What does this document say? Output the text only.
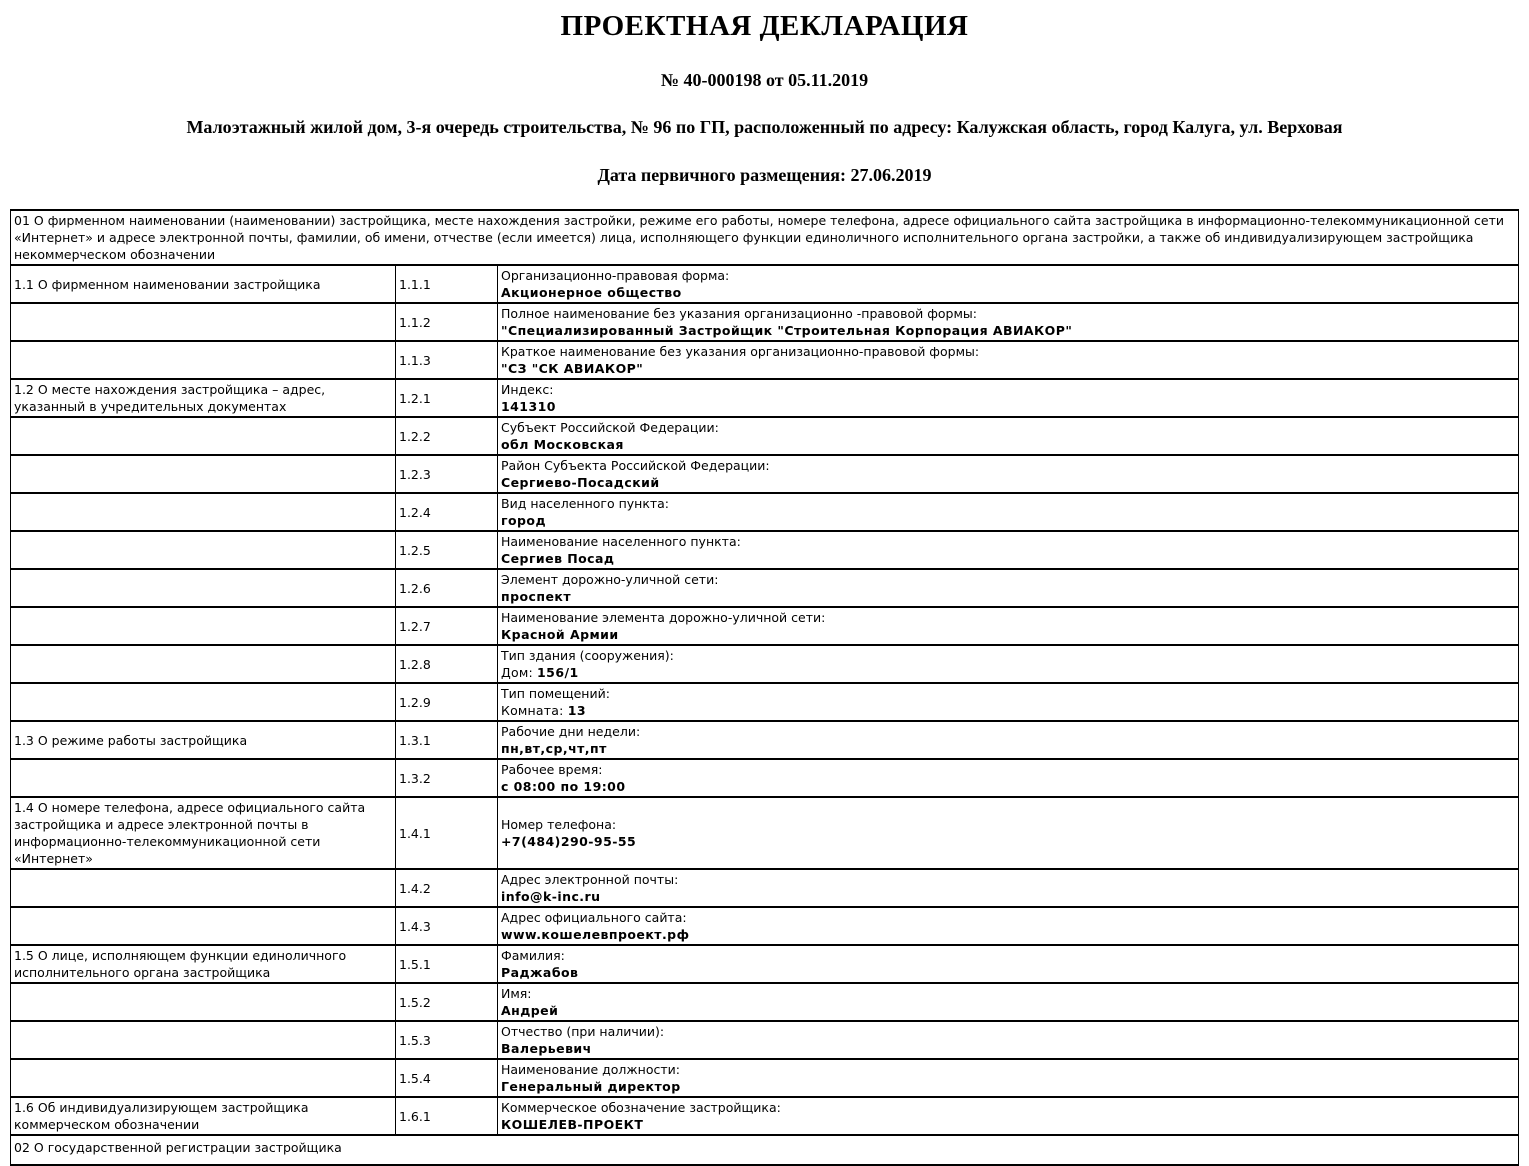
ПРОЕКТНАЯ ДЕКЛАРАЦИЯ
№ 40-000198 от 05.11.2019
Малоэтажный жилой дом, 3-я очередь строительства, № 96 по ГП, расположенный по адресу: Калужская область, город Калуга, ул. Верховая
Дата первичного размещения: 27.06.2019
01 О фирменном наименовании (наименовании) застройщика, месте нахождения застройки, режиме его работы, номере телефона, адресе официального сайта застройщика в информационно-телекоммуникационной сети «Интернет» и адресе электронной почты, фамилии, об имени, отчестве (если имеется) лица, исполняющего функции единоличного исполнительного органа застройки, а также об индивидуализирующем застройщика некоммерческом обозначении		
1.1 О фирменном наименовании застройщика	1.1.1	Организационно-правовая форма:
Акционерное общество

	1.1.2	Полное наименование без указания организационно -правовой формы:
"Специализированный Застройщик "Строительная Корпорация АВИАКОР"

	1.1.3	Краткое наименование без указания организационно-правовой формы:
"СЗ "СК АВИАКОР"

1.2 О месте нахождения застройщика – адрес, указанный в учредительных документах	1.2.1	Индекс:
141310

	1.2.2	Субъект Российской Федерации:
обл Московская

	1.2.3	Район Субъекта Российской Федерации:
Сергиево-Посадский

	1.2.4	Вид населенного пункта:
город

	1.2.5	Наименование населенного пункта:
Сергиев Посад

	1.2.6	Элемент дорожно-уличной сети:
проспект

	1.2.7	Наименование элемента дорожно-уличной сети:
Красной Армии

	1.2.8	Тип здания (сооружения):
Дом: 156/1

	1.2.9	Тип помещений:
Комната: 13

1.3 О режиме работы застройщика	1.3.1	Рабочие дни недели:
пн,вт,ср,чт,пт

	1.3.2	Рабочее время:
с 08:00 по 19:00

1.4 О номере телефона, адресе официального сайта застройщика и адресе электронной почты в информационно-телекоммуникационной сети «Интернет»	1.4.1	Номер телефона:
+7(484)290-95-55

	1.4.2	Адрес электронной почты:
info@k-inc.ru

	1.4.3	Адрес официального сайта:
www.кошелевпроект.рф

1.5 О лице, исполняющем функции единоличного исполнительного органа застройщика	1.5.1	Фамилия:
Раджабов

	1.5.2	Имя:
Андрей

	1.5.3	Отчество (при наличии):
Валерьевич

	1.5.4	Наименование должности:
Генеральный директор

1.6 Об индивидуализирующем застройщика коммерческом обозначении	1.6.1	Коммерческое обозначение застройщика:
КОШЕЛЕВ-ПРОЕКТ

02 О государственной регистрации застройщика		
